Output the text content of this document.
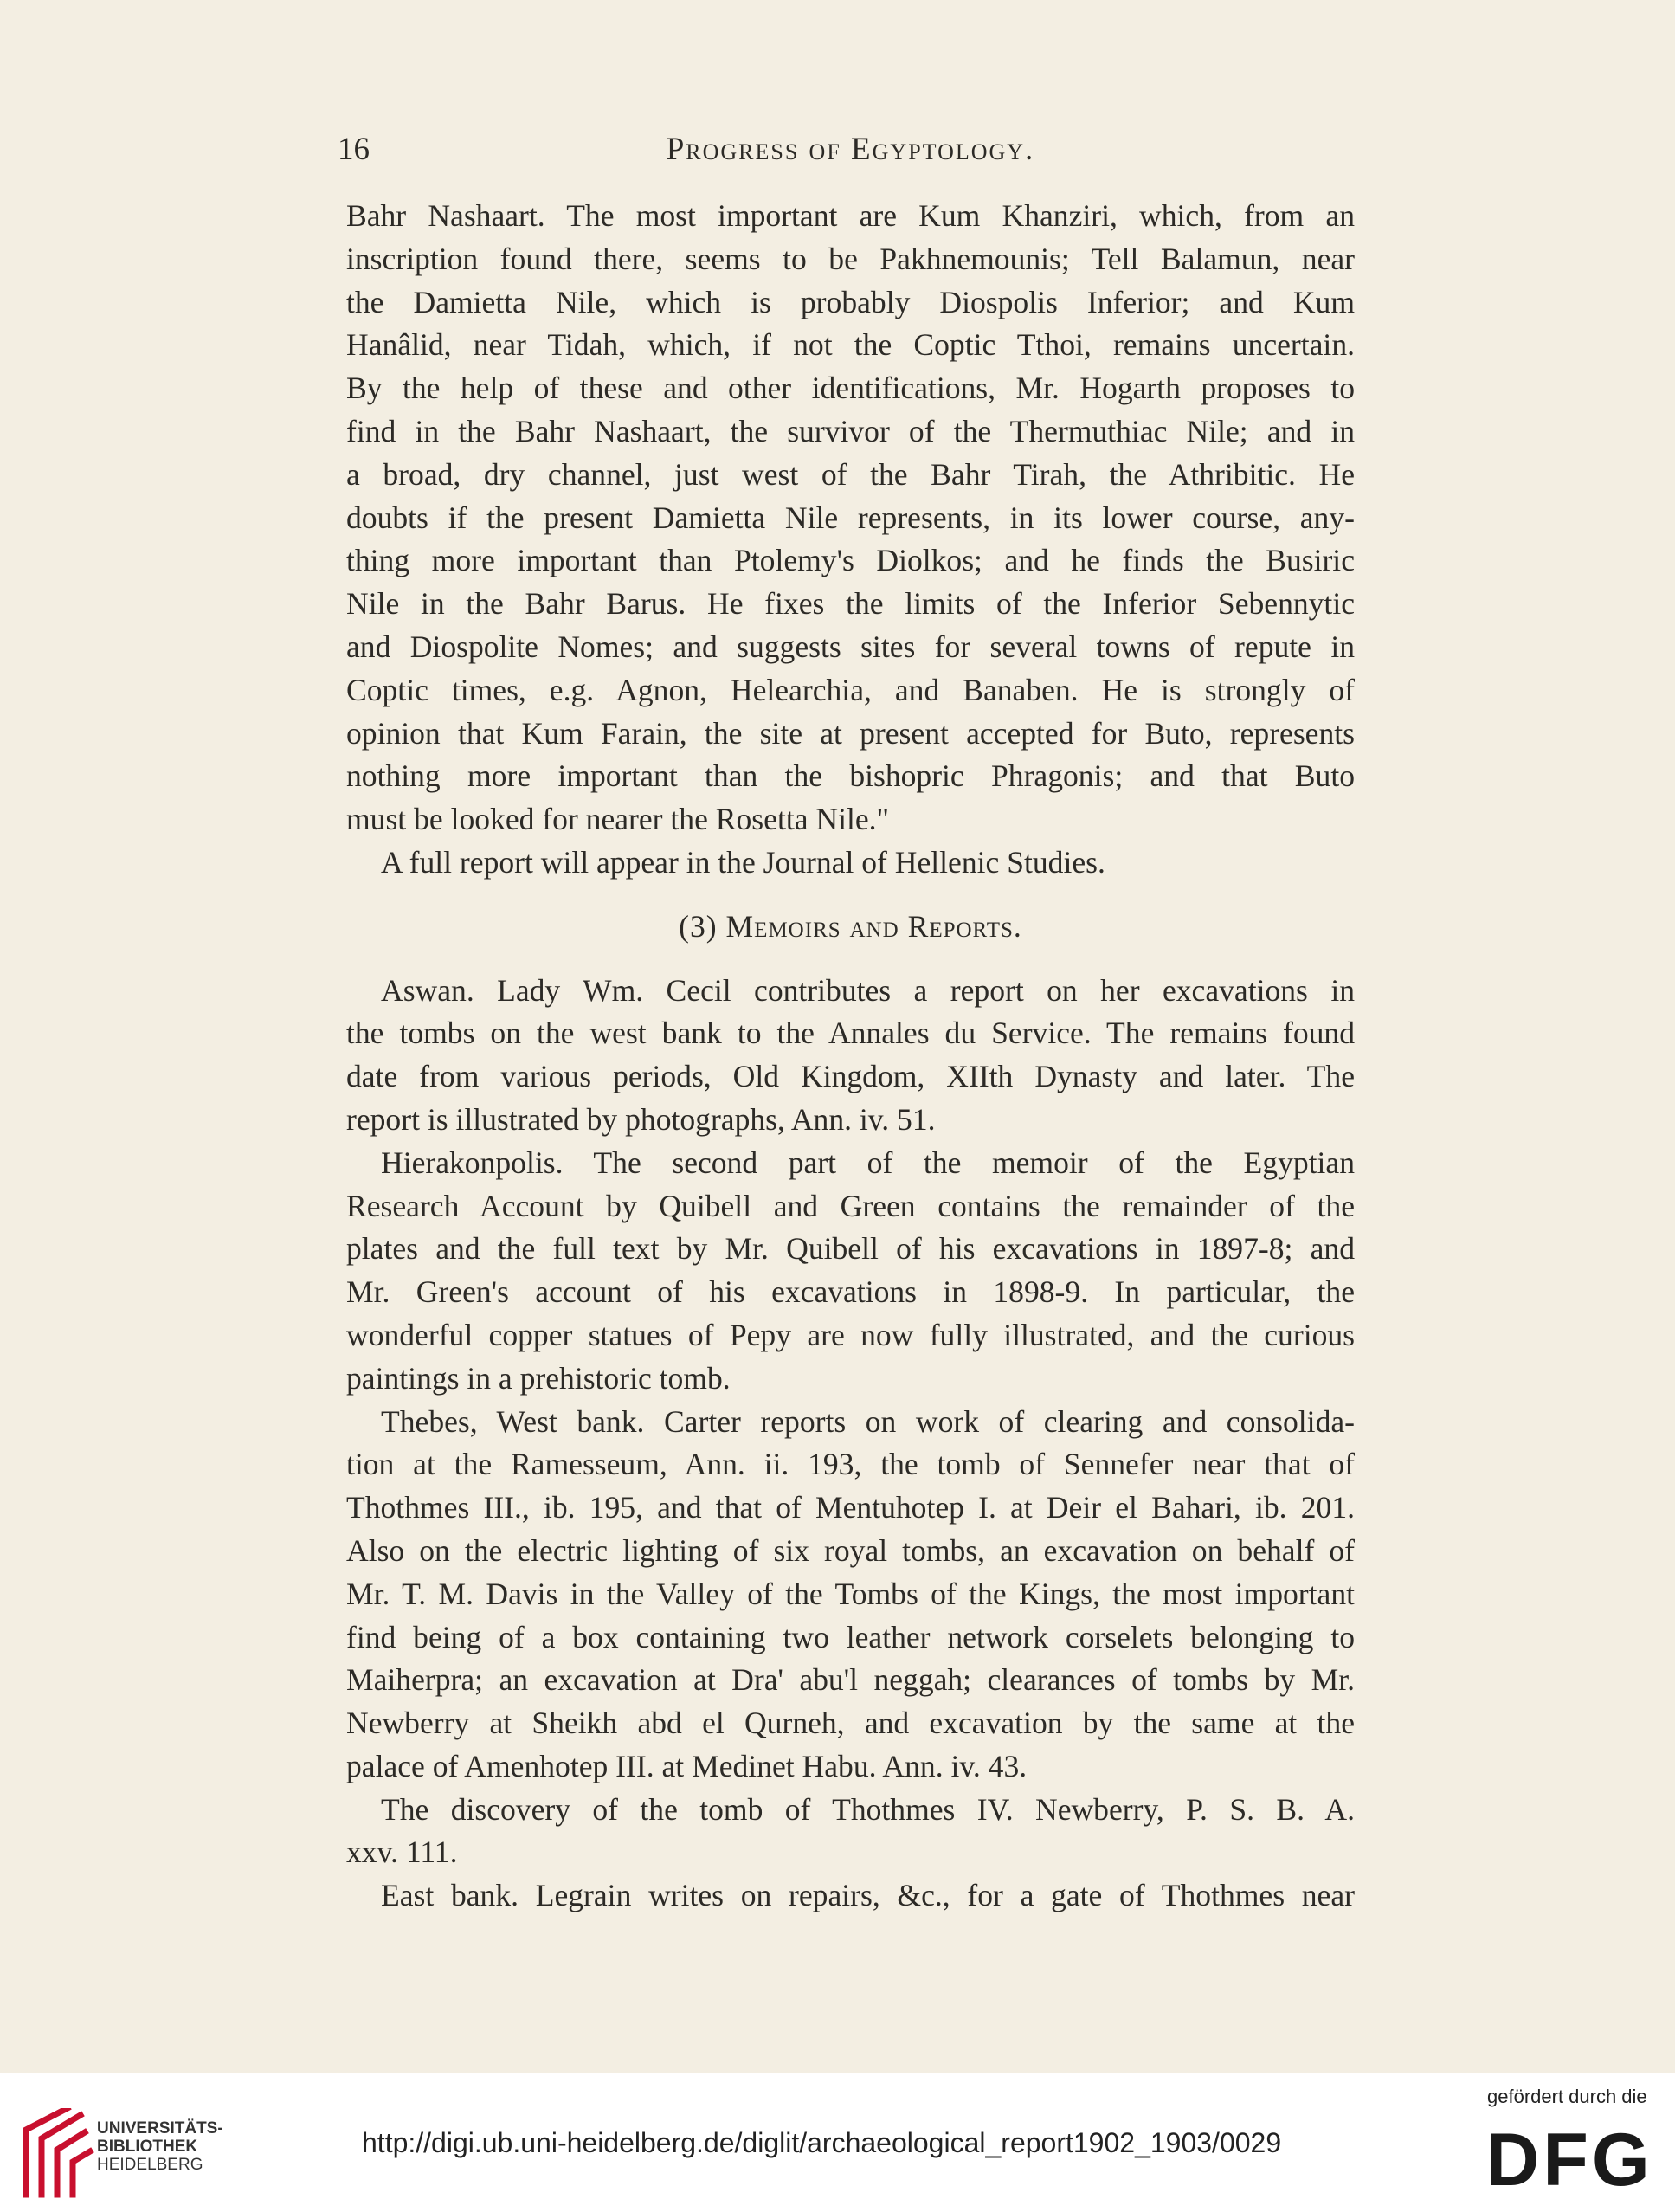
16	Progress of Egyptology.
Bahr Nashaart. The most important are Kum Khanziri, which, from an
inscription found there, seems to be Pakhnemounis; Tell Balamun, near
the Damietta Nile, which is probably Diospolis Inferior; and Kum
Hanâlid, near Tidah, which, if not the Coptic Tthoi, remains uncertain.
By the help of these and other identifications, Mr. Hogarth proposes to
find in the Bahr Nashaart, the survivor of the Thermuthiac Nile; and in
a broad, dry channel, just west of the Bahr Tirah, the Athribitic. He
doubts if the present Damietta Nile represents, in its lower course, any-
thing more important than Ptolemy's Diolkos; and he finds the Busiric
Nile in the Bahr Barus. He fixes the limits of the Inferior Sebennytic
and Diospolite Nomes; and suggests sites for several towns of repute in
Coptic times, e.g. Agnon, Helearchia, and Banaben. He is strongly of
opinion that Kum Farain, the site at present accepted for Buto, represents
nothing more important than the bishopric Phragonis; and that Buto
must be looked for nearer the Rosetta Nile."
A full report will appear in the Journal of Hellenic Studies.
(3) Memoirs and Reports.
Aswan. Lady Wm. Cecil contributes a report on her excavations in
the tombs on the west bank to the Annales du Service. The remains found
date from various periods, Old Kingdom, XIIth Dynasty and later. The
report is illustrated by photographs, Ann. iv. 51.
Hierakonpolis. The second part of the memoir of the Egyptian
Research Account by Quibell and Green contains the remainder of the
plates and the full text by Mr. Quibell of his excavations in 1897-8; and
Mr. Green's account of his excavations in 1898-9. In particular, the
wonderful copper statues of Pepy are now fully illustrated, and the curious
paintings in a prehistoric tomb.
Thebes, West bank. Carter reports on work of clearing and consolida-
tion at the Ramesseum, Ann. ii. 193, the tomb of Sennefer near that of
Thothmes III., ib. 195, and that of Mentuhotep I. at Deir el Bahari, ib. 201.
Also on the electric lighting of six royal tombs, an excavation on behalf of
Mr. T. M. Davis in the Valley of the Tombs of the Kings, the most important
find being of a box containing two leather network corselets belonging to
Maiherpra; an excavation at Dra' abu'l neggah; clearances of tombs by Mr.
Newberry at Sheikh abd el Qurneh, and excavation by the same at the
palace of Amenhotep III. at Medinet Habu. Ann. iv. 43.
The discovery of the tomb of Thothmes IV. Newberry, P. S. B. A.
xxv. 111.
East bank. Legrain writes on repairs, &c., for a gate of Thothmes near
UNIVERSITÄTS-
BIBLIOTHEK
HEIDELBERG
http://digi.ub.uni-heidelberg.de/diglit/archaeological_report1902_1903/0029
gefördert durch die
DFG
